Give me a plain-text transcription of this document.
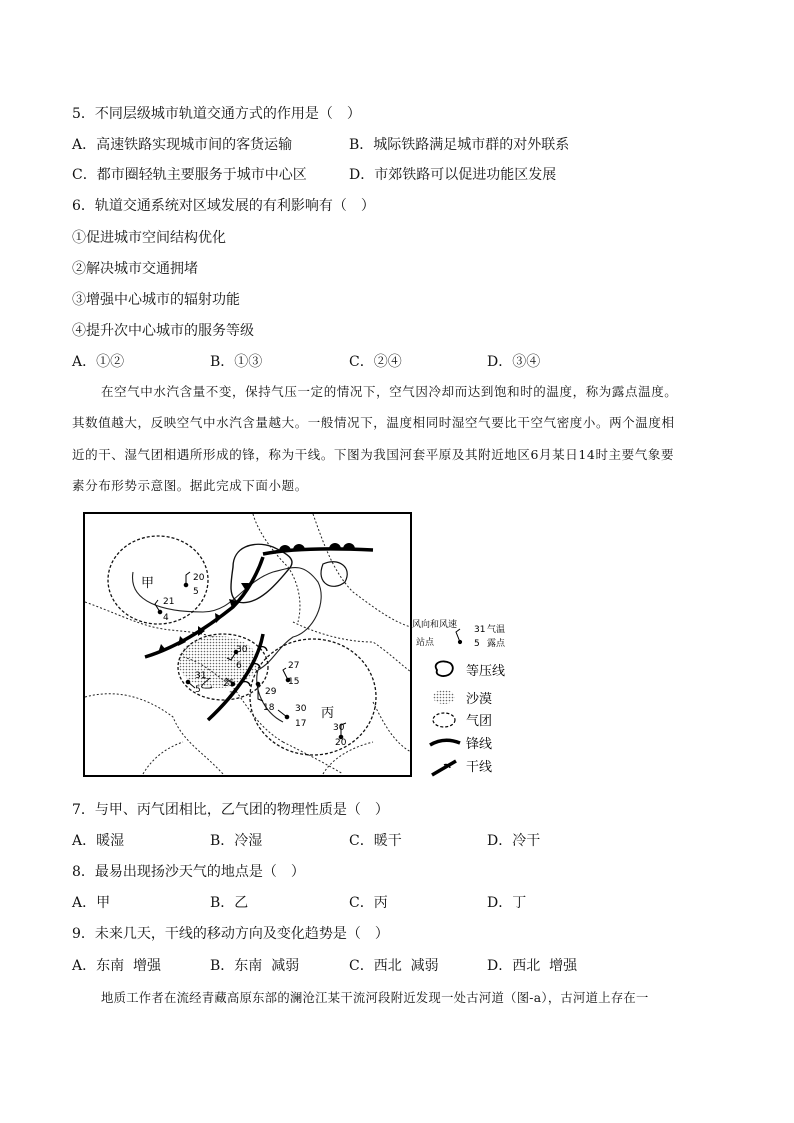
5．不同层级城市轨道交通方式的作用是（　）
A．高速铁路实现城市间的客货运输	B．城际铁路满足城市群的对外联系
C．都市圈轻轨主要服务于城市中心区	D．市郊铁路可以促进功能区发展
6．轨道交通系统对区域发展的有利影响有（　）
①促进城市空间结构优化
②解决城市交通拥堵
③增强中心城市的辐射功能
④提升次中心城市的服务等级
A．①②	B．①③	C．②④	D．③④
在空气中水汽含量不变，保持气压一定的情况下，空气因冷却而达到饱和时的温度，称为露点温度。
其数值越大，反映空气中水汽含量越大。一般情况下，温度相同时湿空气要比干空气密度小。两个温度相
近的干、湿气团相遇所形成的锋，称为干线。下图为我国河套平原及其附近地区6月某日14时主要气象要
素分布形势示意图。据此完成下面小题。
20
5
21
4
30
6
31
5
25
7	29
18
27
15
30
17	30
20
甲
乙
丙
风向和风速
站点
31 气温
5 露点
等压线
沙漠
气团
锋线
干线
7．与甲、丙气团相比，乙气团的物理性质是（　）
A．暖湿	B．冷湿	C．暖干	D．冷干
8．最易出现扬沙天气的地点是（　）
A．甲	B．乙	C．丙	D．丁
9．未来几天，干线的移动方向及变化趋势是（　）
A．东南  增强	B．东南  减弱	C．西北  减弱	D．西北  增强
地质工作者在流经青藏高原东部的澜沧江某干流河段附近发现一处古河道（图-a），古河道上存在一
